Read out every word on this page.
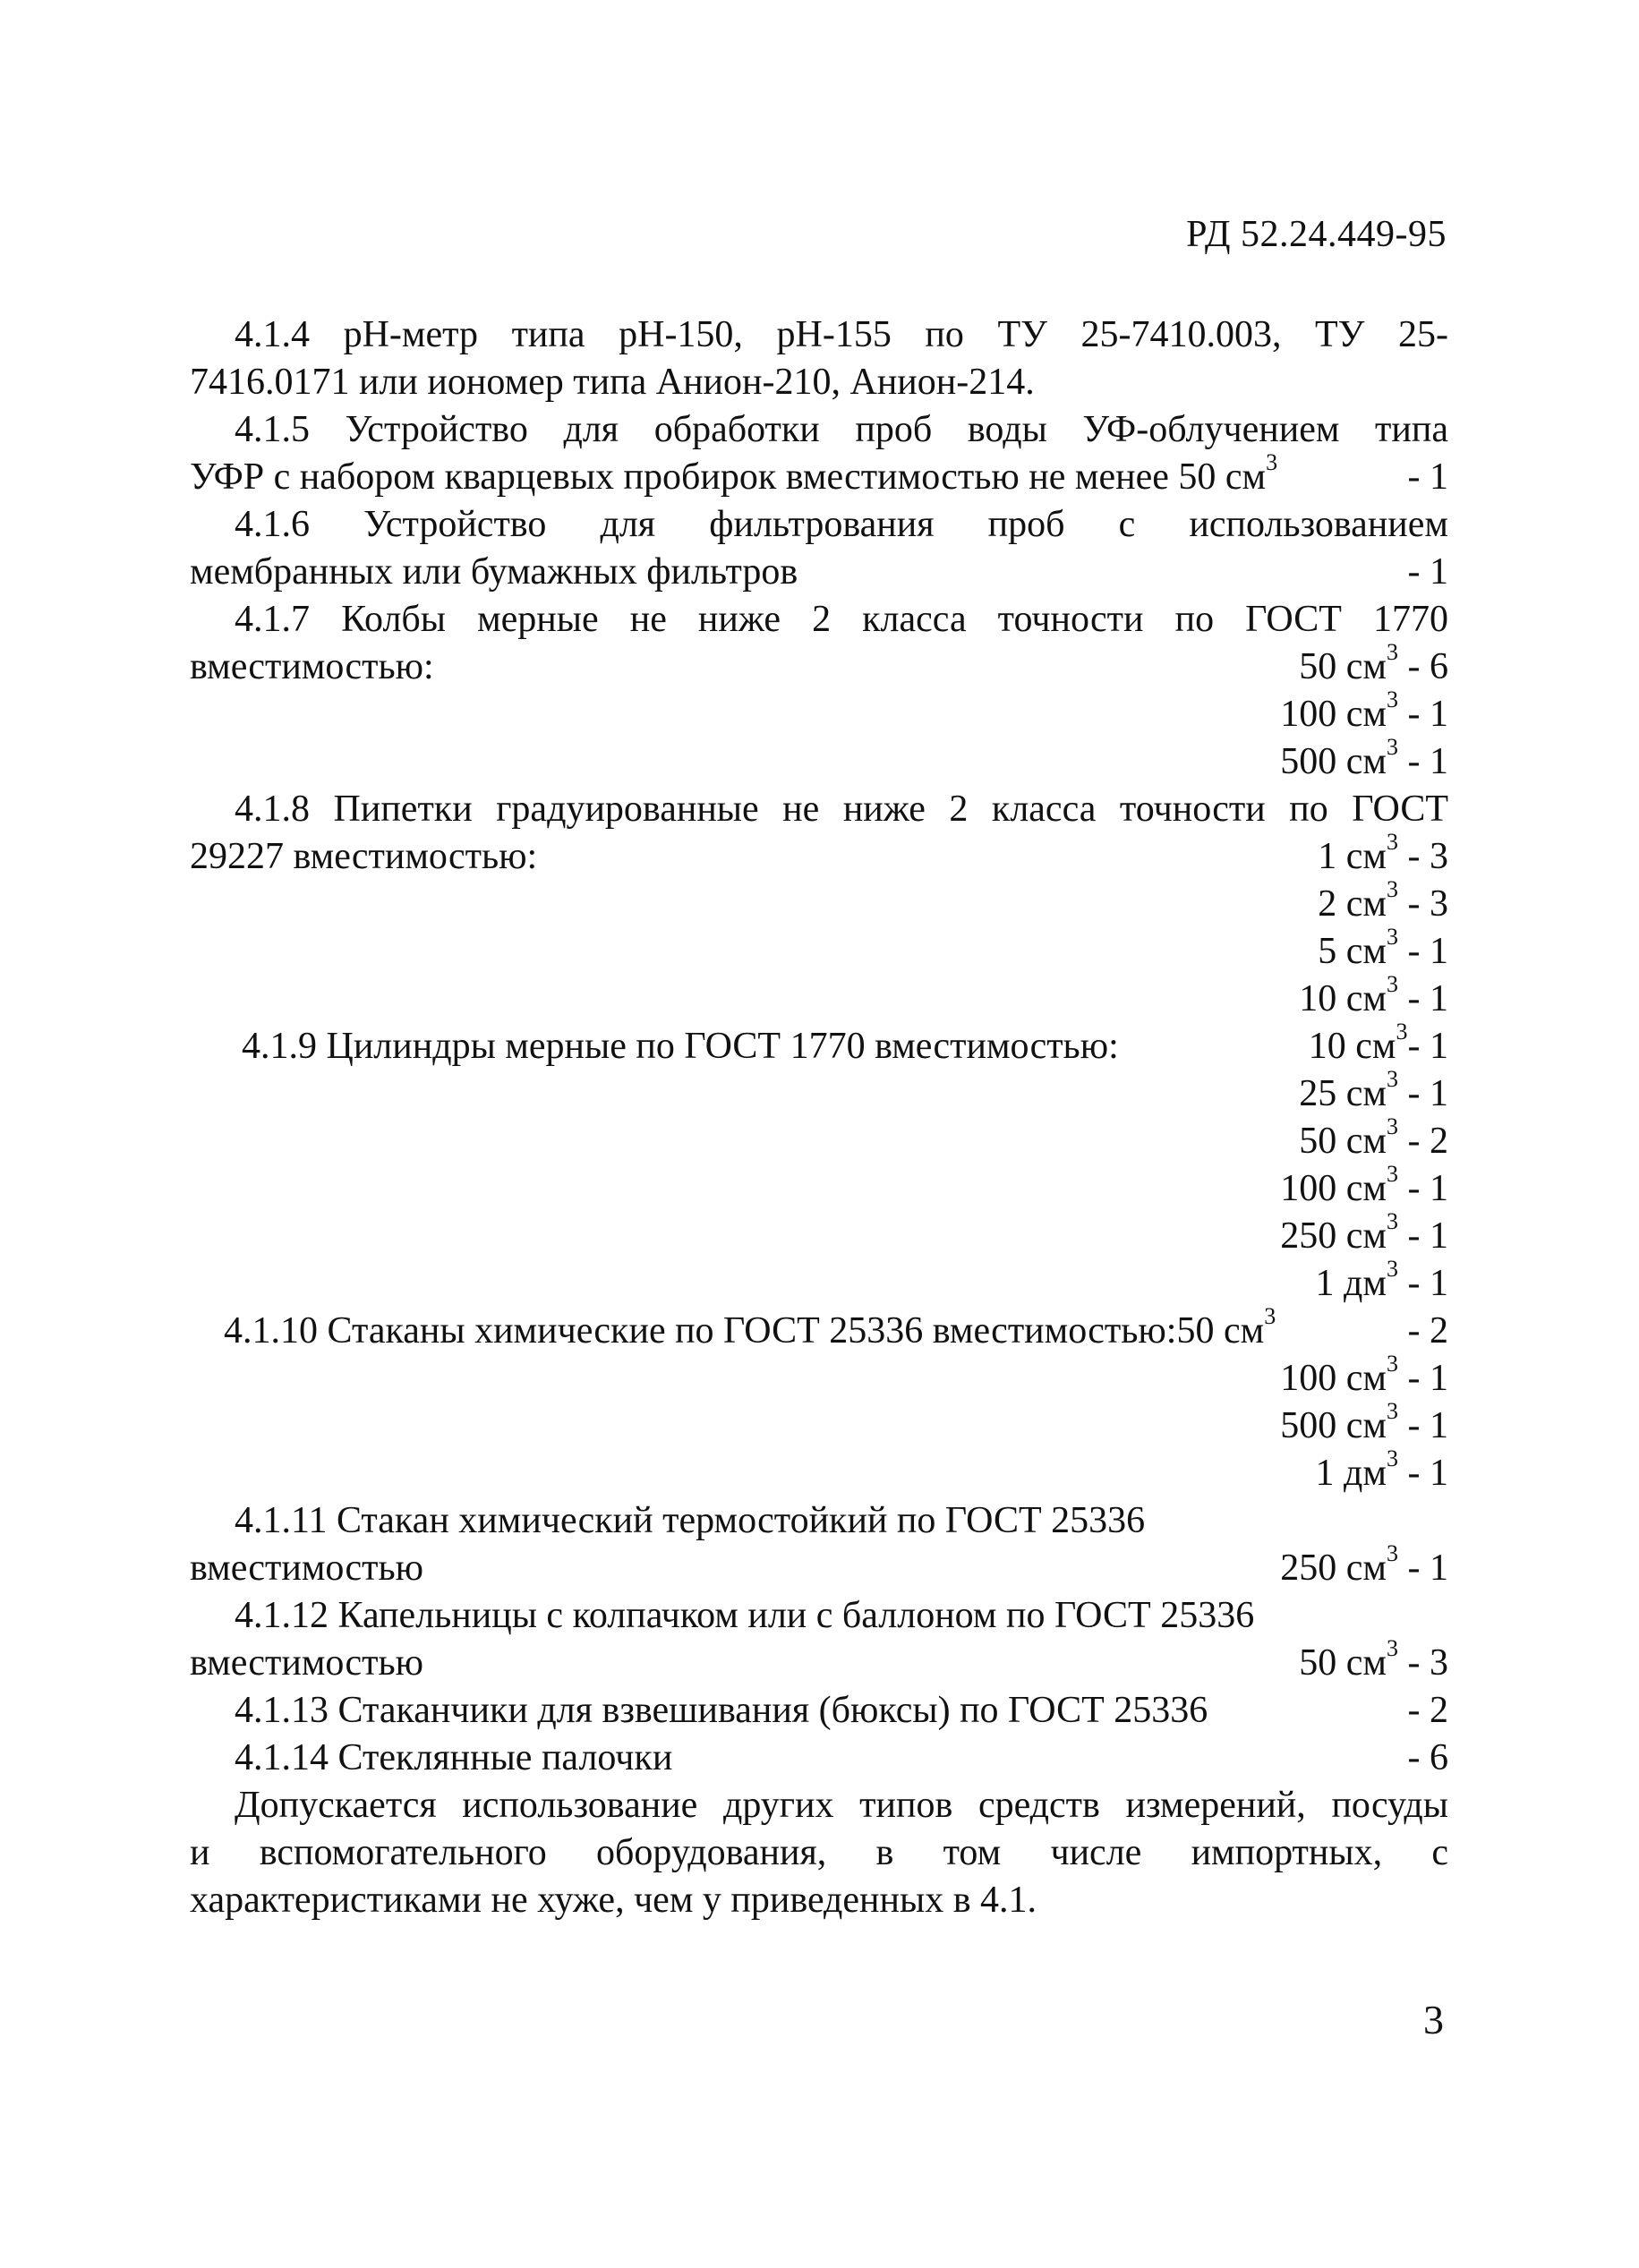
РД 52.24.449-95
4.1.4 рН-метр типа рН-150, рН-155 по ТУ 25-7410.003, ТУ 25-
7416.0171 или иономер типа Анион-210, Анион-214.
4.1.5 Устройство для обработки проб воды УФ-облучением типа
УФР с набором кварцевых пробирок вместимостью не менее 50 $см^3$	- 1
4.1.6 Устройство для фильтрования проб с использованием
мембранных или бумажных фильтров	- 1
4.1.7 Колбы мерные не ниже 2 класса точности по ГОСТ 1770
вместимостью:	50 $см^3 - 6$
100 $см^3 - 1$
500 $см^3 - 1$
4.1.8 Пипетки градуированные не ниже 2 класса точности по ГОСТ
29227 вместимостью:	1 $см^3 - 3$
2 $см^3 - 3$
5 $см^3 - 1$
10 $см^3 - 1$
4.1.9 Цилиндры мерные по ГОСТ 1770 вместимостью:	10 $см^3-$ 1
25 $см^3 - 1$
50 $см^3 - 2$
100 $см^3 - 1$
250 $см^3 - 1$
1 $дм^3 - 1$
4.1.10 Стаканы химические по ГОСТ 25336 вместимостью:50 $см^3$	- 2
100 $см^3 - 1$
500 $см^3 - 1$
1 $дм^3 - 1$
4.1.11 Стакан химический термостойкий по ГОСТ 25336
вместимостью	250 $см^3 - 1$
4.1.12 Капельницы с колпачком или с баллоном по ГОСТ 25336
вместимостью	50 $см^3 - 3$
4.1.13 Стаканчики для взвешивания (бюксы) по ГОСТ 25336	- 2
4.1.14 Стеклянные палочки	- 6
Допускается использование других типов средств измерений, посуды
и вспомогательного оборудования, в том числе импортных, с
характеристиками не хуже, чем у приведенных в 4.1.
3
